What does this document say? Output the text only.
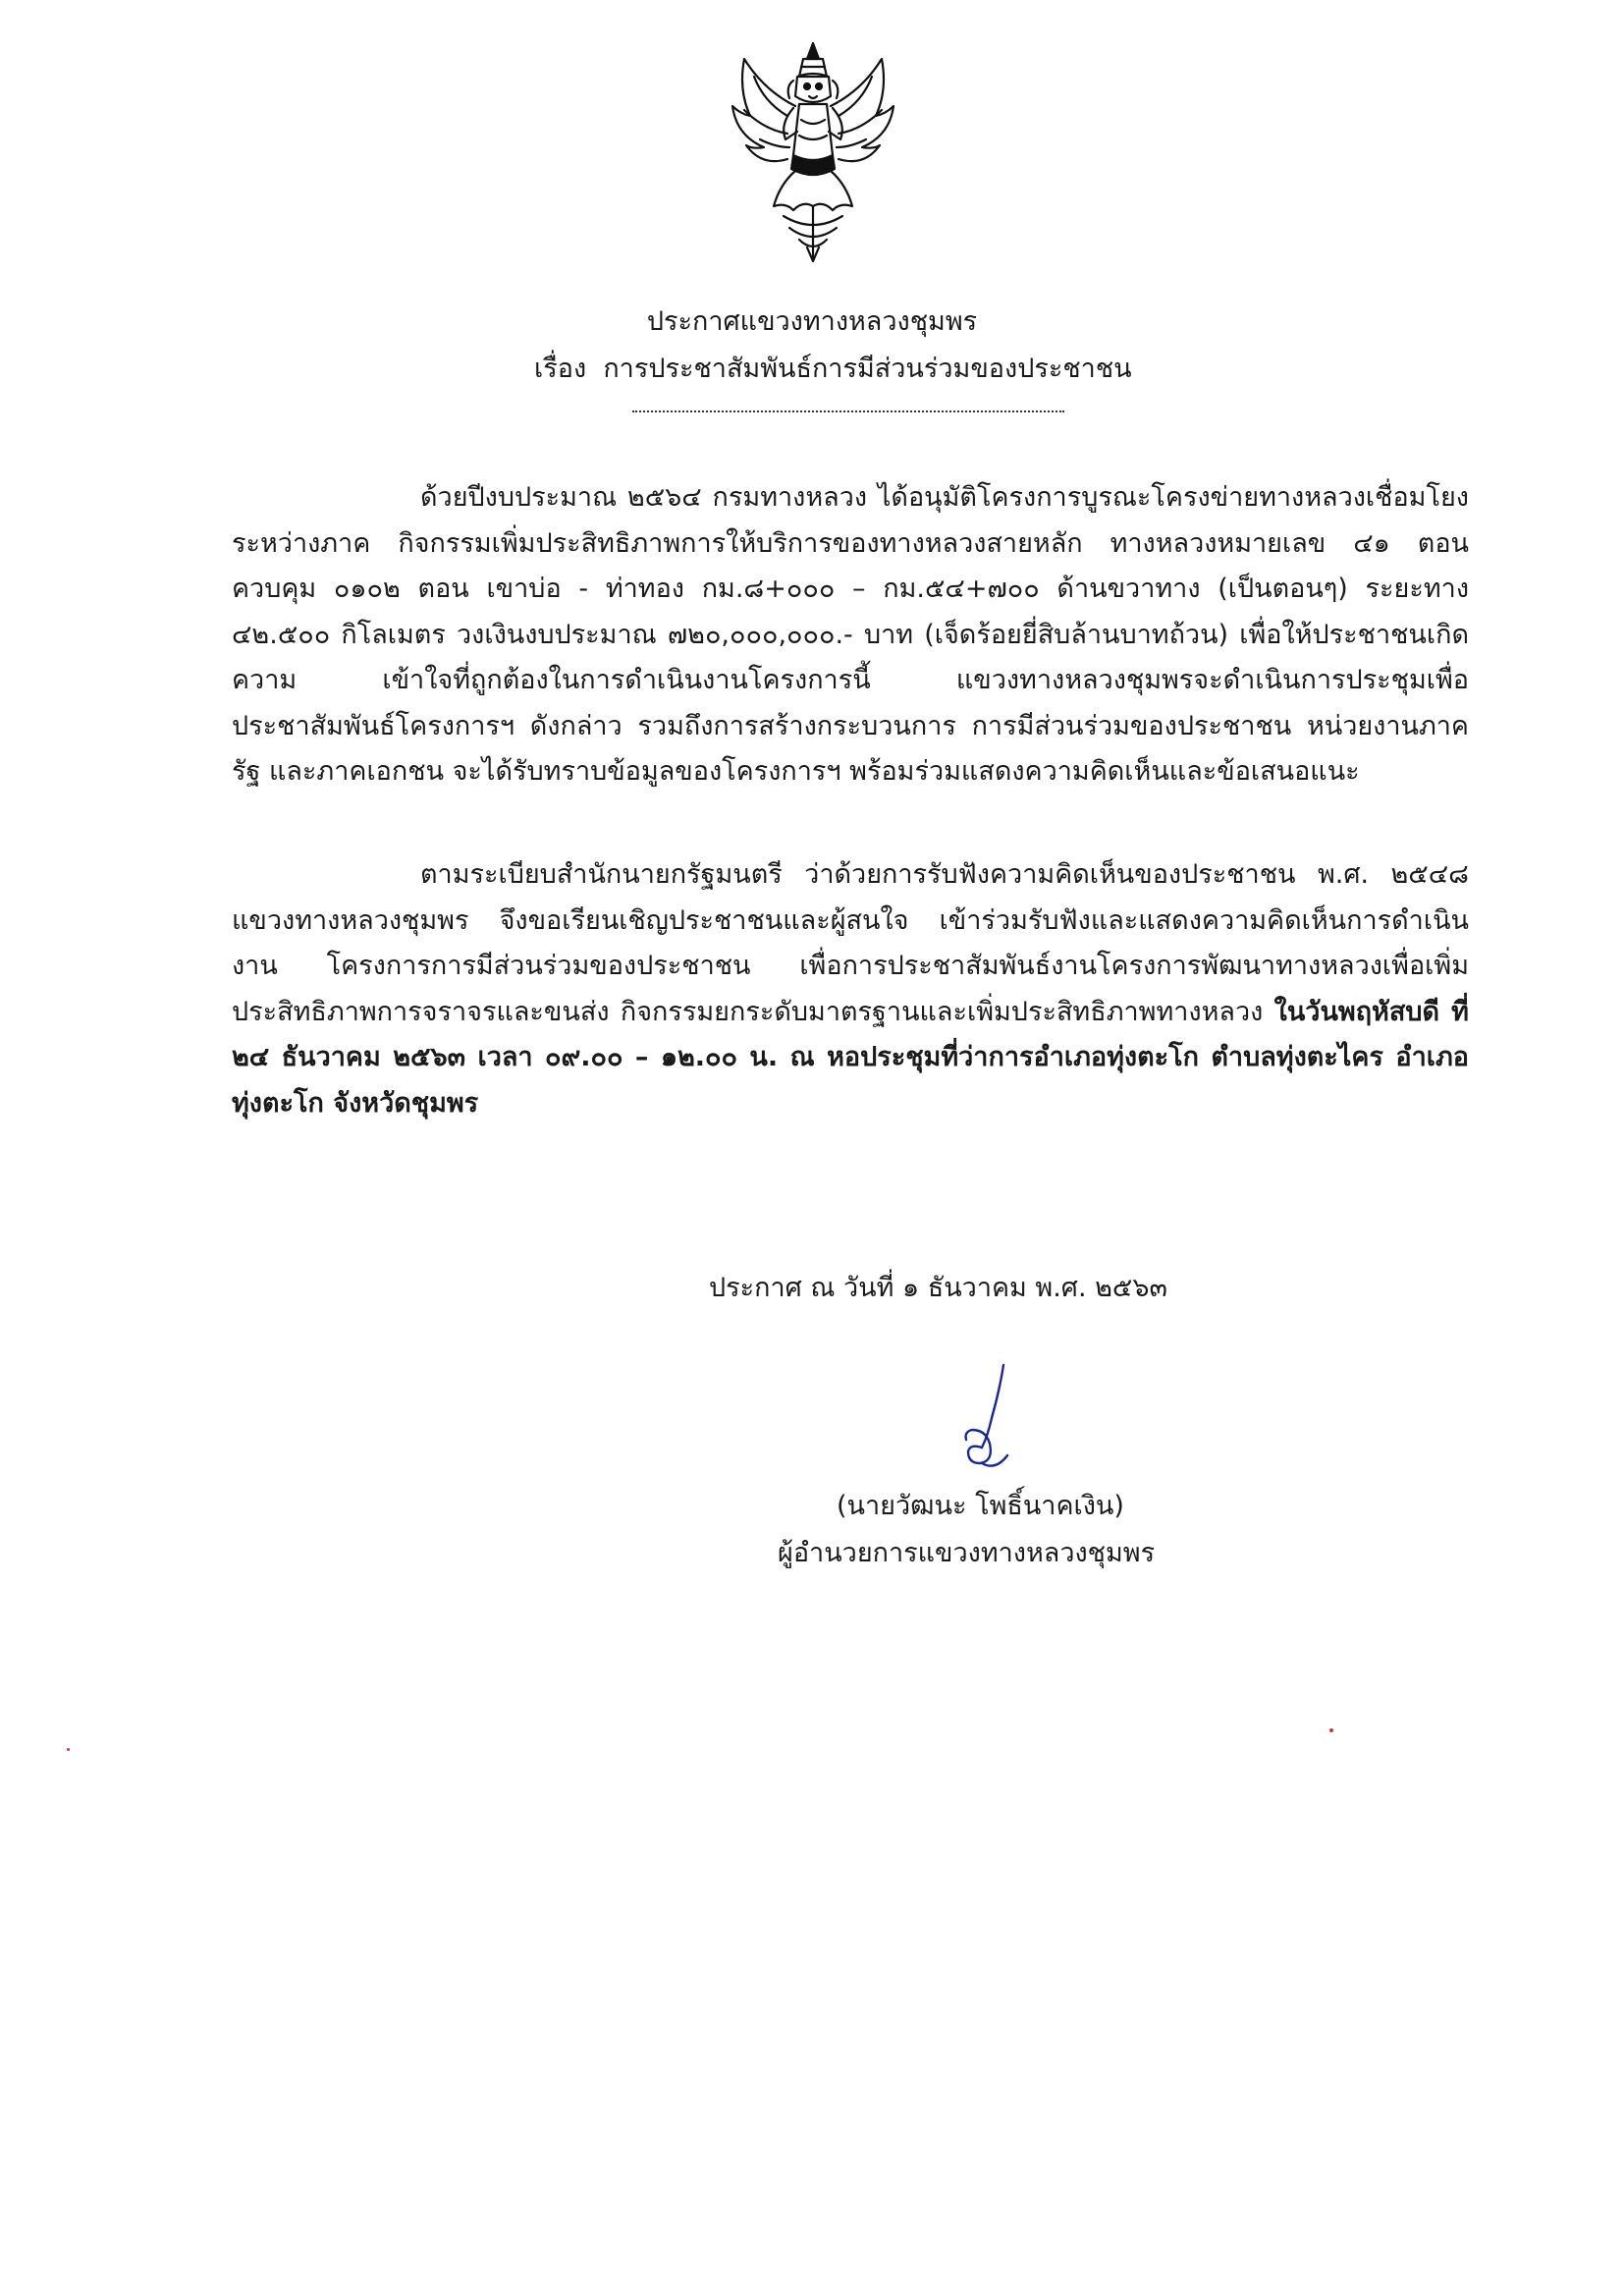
ประกาศแขวงทางหลวงชุมพร
เรื่อง การประชาสัมพันธ์การมีส่วนร่วมของประชาชน
ด้วยปีงบประมาณ ๒๕๖๔ กรมทางหลวง ได้อนุมัติโครงการบูรณะโครงข่ายทางหลวงเชื่อมโยง ระหว่างภาค กิจกรรมเพิ่มประสิทธิภาพการให้บริการของทางหลวงสายหลัก ทางหลวงหมายเลข ๔๑ ตอนควบคุม ๐๑๐๒ ตอน เขาบ่อ - ท่าทอง กม.๘+๐๐๐ – กม.๕๔+๗๐๐ ด้านขวาทาง (เป็นตอนๆ) ระยะทาง ๔๒.๕๐๐ กิโลเมตร วงเงินงบประมาณ ๗๒๐,๐๐๐,๐๐๐.- บาท (เจ็ดร้อยยี่สิบล้านบาทถ้วน) เพื่อให้ประชาชนเกิดความ เข้าใจที่ถูกต้องในการดำเนินงานโครงการนี้ แขวงทางหลวงชุมพรจะดำเนินการประชุมเพื่อประชาสัมพันธ์โครงการฯ ดังกล่าว รวมถึงการสร้างกระบวนการ การมีส่วนร่วมของประชาชน หน่วยงานภาครัฐ และภาคเอกชน จะได้รับทราบข้อมูลของโครงการฯ พร้อมร่วมแสดงความคิดเห็นและข้อเสนอแนะ
ตามระเบียบสำนักนายกรัฐมนตรี ว่าด้วยการรับฟังความคิดเห็นของประชาชน พ.ศ. ๒๕๔๘ แขวงทางหลวงชุมพร จึงขอเรียนเชิญประชาชนและผู้สนใจ เข้าร่วมรับฟังและแสดงความคิดเห็นการดำเนินงาน โครงการการมีส่วนร่วมของประชาชน เพื่อการประชาสัมพันธ์งานโครงการพัฒนาทางหลวงเพื่อเพิ่ม ประสิทธิภาพการจราจรและขนส่ง กิจกรรมยกระดับมาตรฐานและเพิ่มประสิทธิภาพทางหลวง ในวันพฤหัสบดี ที่ ๒๔ ธันวาคม ๒๕๖๓ เวลา ๐๙.๐๐ – ๑๒.๐๐ น. ณ หอประชุมที่ว่าการอำเภอทุ่งตะโก ตำบลทุ่งตะไคร อำเภอทุ่งตะโก จังหวัดชุมพร
ประกาศ ณ วันที่ ๑ ธันวาคม พ.ศ. ๒๕๖๓
(นายวัฒนะ โพธิ์นาคเงิน)
ผู้อำนวยการแขวงทางหลวงชุมพร
